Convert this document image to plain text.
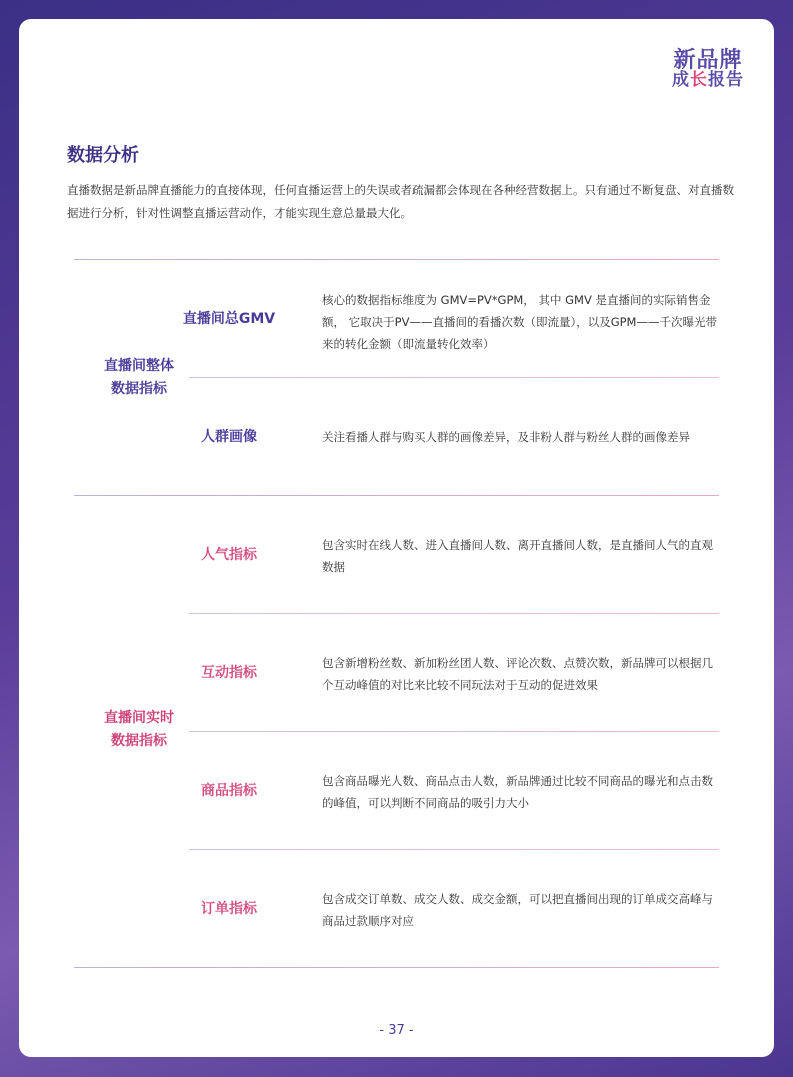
新品牌
成长报告
数据分析
直播数据是新品牌直播能力的直接体现，任何直播运营上的失误或者疏漏都会体现在各种经营数据上。只有通过不断复盘、对直播数据进行分析，针对性调整直播运营动作，才能实现生意总量最大化。
直播间整体
数据指标
直播间总GMV
核心的数据指标维度为 GMV=PV*GPM， 其中 GMV 是直播间的实际销售金额， 它取决于PV——直播间的看播次数（即流量），以及GPM——千次曝光带来的转化金额（即流量转化效率）
人群画像	关注看播人群与购买人群的画像差异，及非粉人群与粉丝人群的画像差异
直播间实时
数据指标
人气指标
包含实时在线人数、进入直播间人数、离开直播间人数，是直播间人气的直观数据
互动指标
包含新增粉丝数、新加粉丝团人数、评论次数、点赞次数，新品牌可以根据几个互动峰值的对比来比较不同玩法对于互动的促进效果
商品指标
包含商品曝光人数、商品点击人数，新品牌通过比较不同商品的曝光和点击数的峰值，可以判断不同商品的吸引力大小
订单指标
包含成交订单数、成交人数、成交金额，可以把直播间出现的订单成交高峰与商品过款顺序对应
- 37 -
